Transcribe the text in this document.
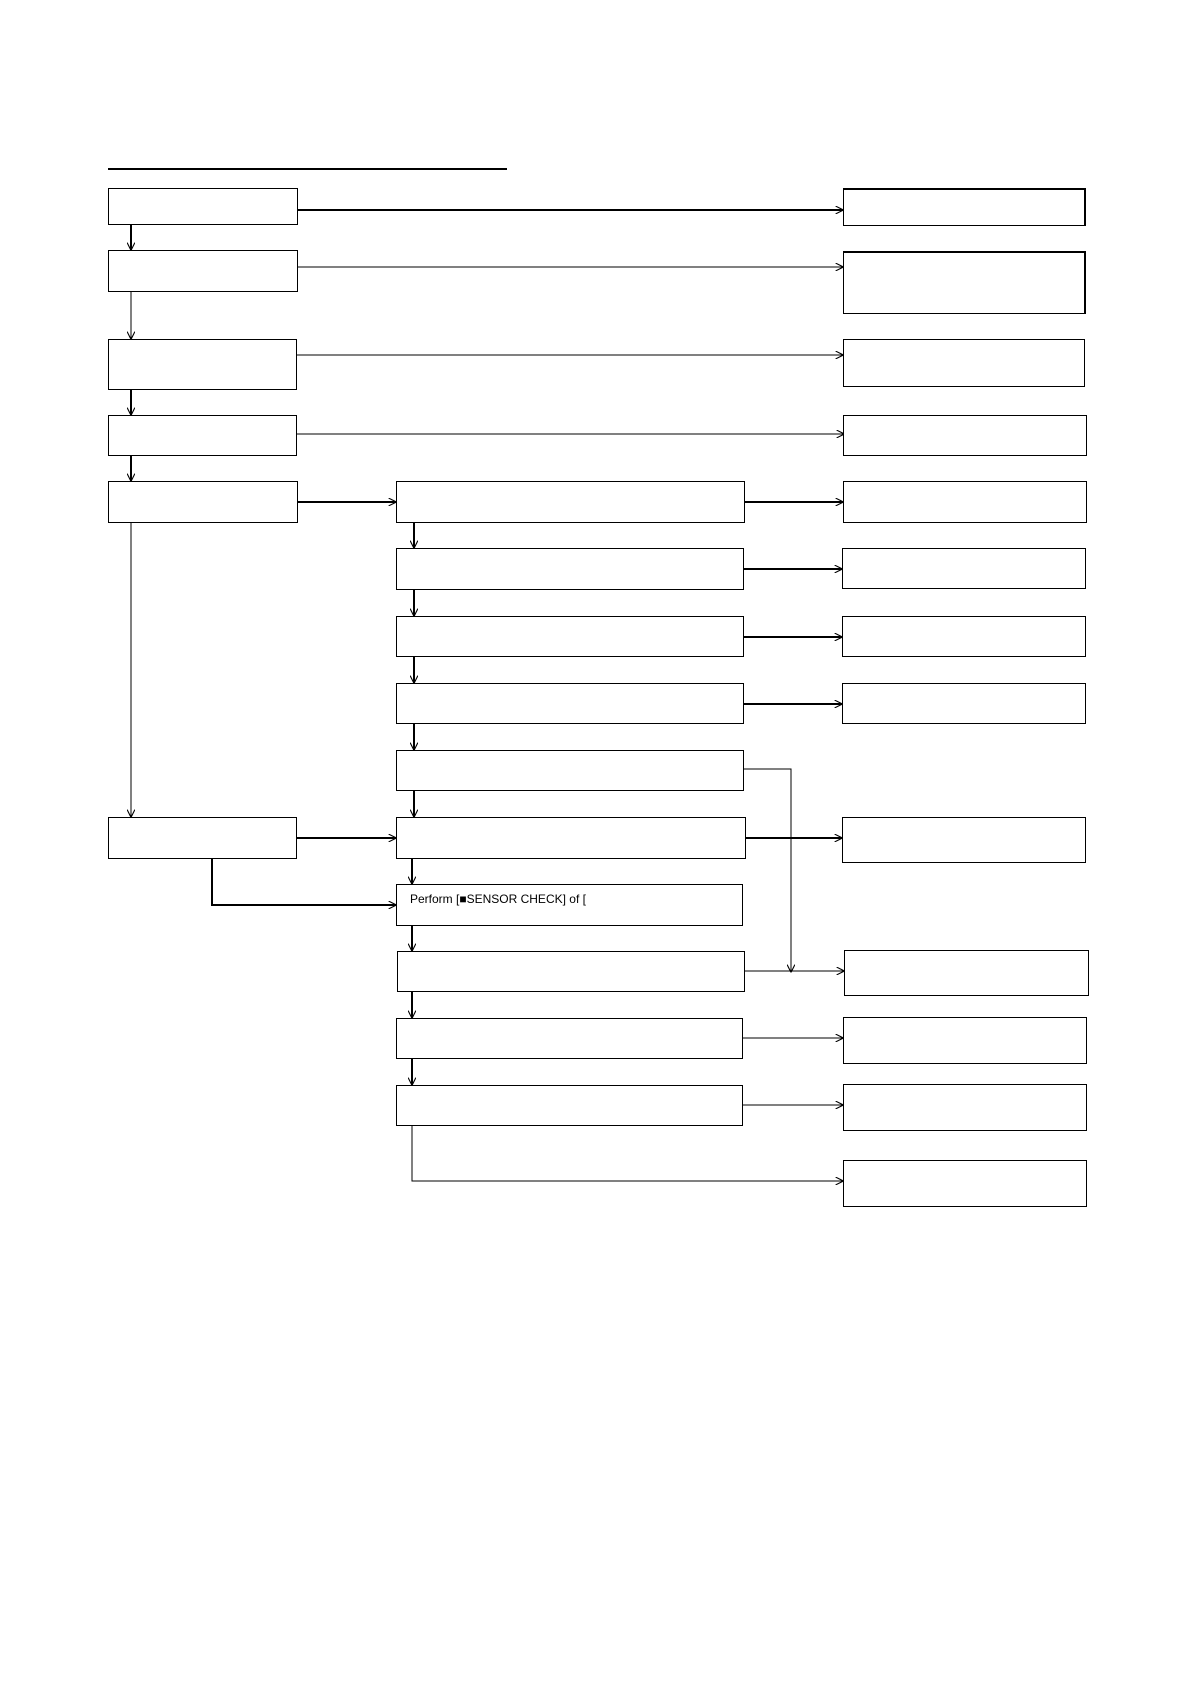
Perform [■SENSOR CHECK] of [
